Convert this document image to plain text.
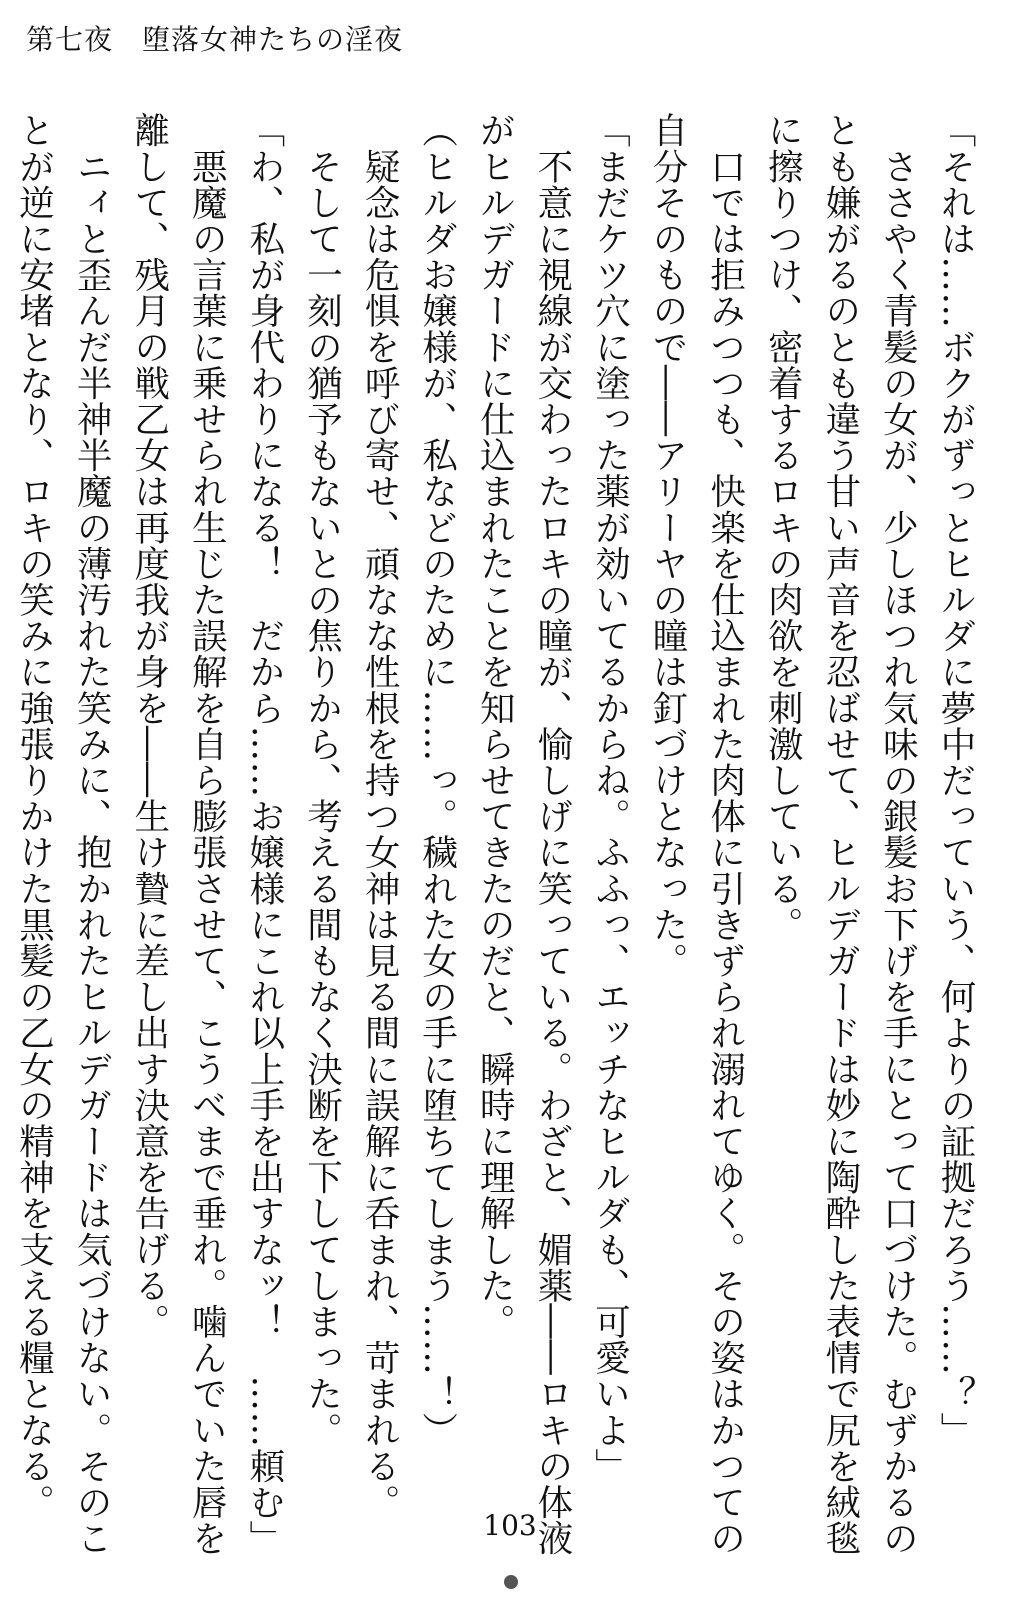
第七夜　堕落女神たちの淫夜
「それは……ボクがずっとヒルダに夢中だっていう、何よりの証拠だろう……？」
　ささやく青髪の女が、少しほつれ気味の銀髪お下げを手にとって口づけた。むずかるの
とも嫌がるのとも違う甘い声音を忍ばせて、ヒルデガードは妙に陶酔した表情で尻を絨毯
に擦りつけ、密着するロキの肉欲を刺激している。
　口では拒みつつも、快楽を仕込まれた肉体に引きずられ溺れてゆく。その姿はかつての
自分そのもので――アリーヤの瞳は釘づけとなった。
「まだケツ穴に塗った薬が効いてるからね。ふふっ、エッチなヒルダも、可愛いよ」
　不意に視線が交わったロキの瞳が、愉しげに笑っている。わざと、媚薬――ロキの体液
がヒルデガードに仕込まれたことを知らせてきたのだと、瞬時に理解した。
（ヒルダお嬢様が、私などのために……っ。穢れた女の手に堕ちてしまう……！）
　疑念は危惧を呼び寄せ、頑なな性根を持つ女神は見る間に誤解に呑まれ、苛まれる。
　そして一刻の猶予もないとの焦りから、考える間もなく決断を下してしまった。
「わ、私が身代わりになる！　だから……お嬢様にこれ以上手を出すなッ！　……頼む」
　悪魔の言葉に乗せられ生じた誤解を自ら膨張させて、こうべまで垂れ。噛んでいた唇を
離して、残月の戦乙女は再度我が身を――生け贄に差し出す決意を告げる。
　ニィと歪んだ半神半魔の薄汚れた笑みに、抱かれたヒルデガードは気づけない。そのこ
とが逆に安堵となり、ロキの笑みに強張りかけた黒髪の乙女の精神を支える糧となる。
103
